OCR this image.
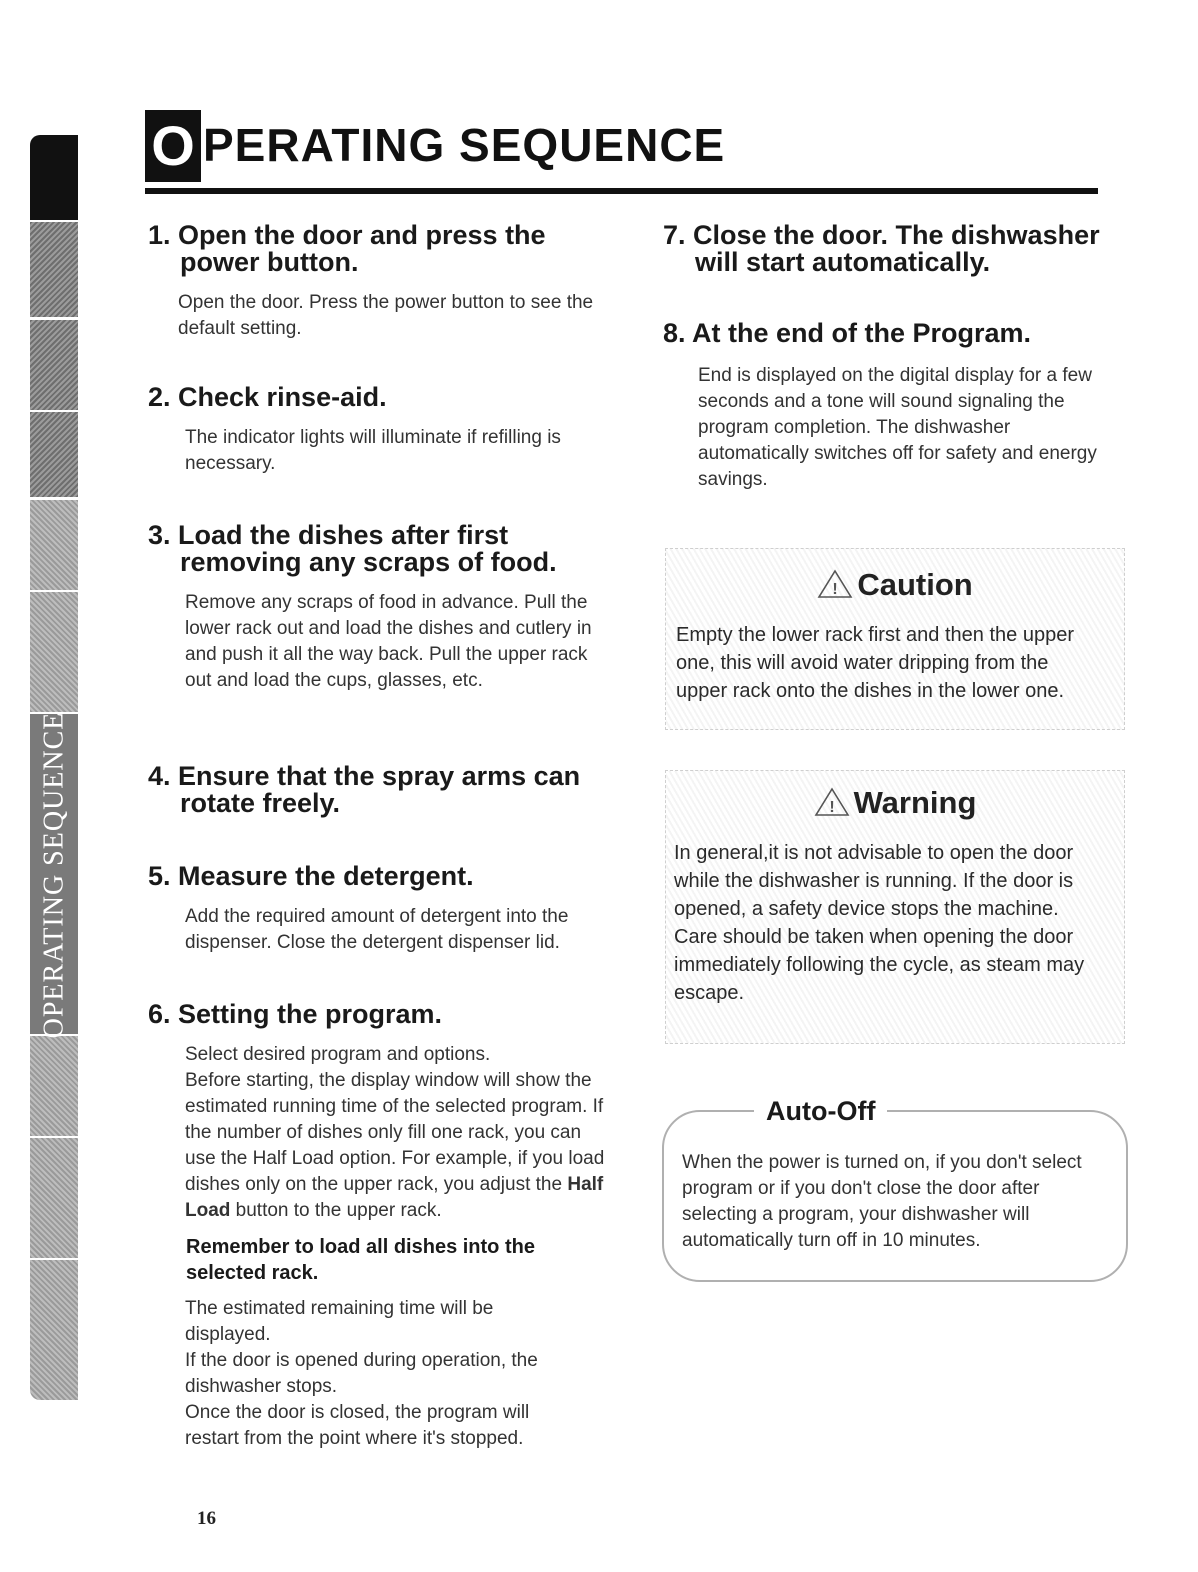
OPERATING SEQUENCE
O PERATING SEQUENCE
1. Open the door and press the power button.

Open the door. Press the power button to see the default setting.

2. Check rinse-aid.

The indicator lights will illuminate if refilling is necessary.

3. Load the dishes after first removing any scraps of food.

Remove any scraps of food in advance. Pull the lower rack out and load the dishes and cutlery in and push it all the way back. Pull the upper rack out and load the cups, glasses, etc.

4. Ensure that the spray arms can rotate freely.
5. Measure the detergent.

Add the required amount of detergent into the dispenser. Close the detergent dispenser lid.

6. Setting the program.

Select desired program and options.

Before starting, the display window will show the estimated running time of the selected program. If the number of dishes only fill one rack, you can use the Half Load option. For example, if you load dishes only on the upper rack, you adjust the Half Load button to the upper rack.

Remember to load all dishes into the selected rack.

The estimated remaining time will be displayed.

If the door is opened during operation, the dishwasher stops.

Once the door is closed, the program will restart from the point where it's stopped.

7. Close the door. The dishwasher will start automatically.
8. At the end of the Program.

End is displayed on the digital display for a few seconds and a tone will sound signaling the program completion. The dishwasher automatically switches off for safety and energy savings.

! Caution

Empty the lower rack first and then the upper one, this will avoid water dripping from the upper rack onto the dishes in the lower one.

! Warning

In general,it is not advisable to open the door while the dishwasher is running. If the door is opened, a safety device stops the machine. Care should be taken when opening the door immediately following the cycle, as steam may escape.

Auto-Off

When the power is turned on, if you don't select program or if you don't close the door after selecting a program, your dishwasher will automatically turn off in 10 minutes.

16
